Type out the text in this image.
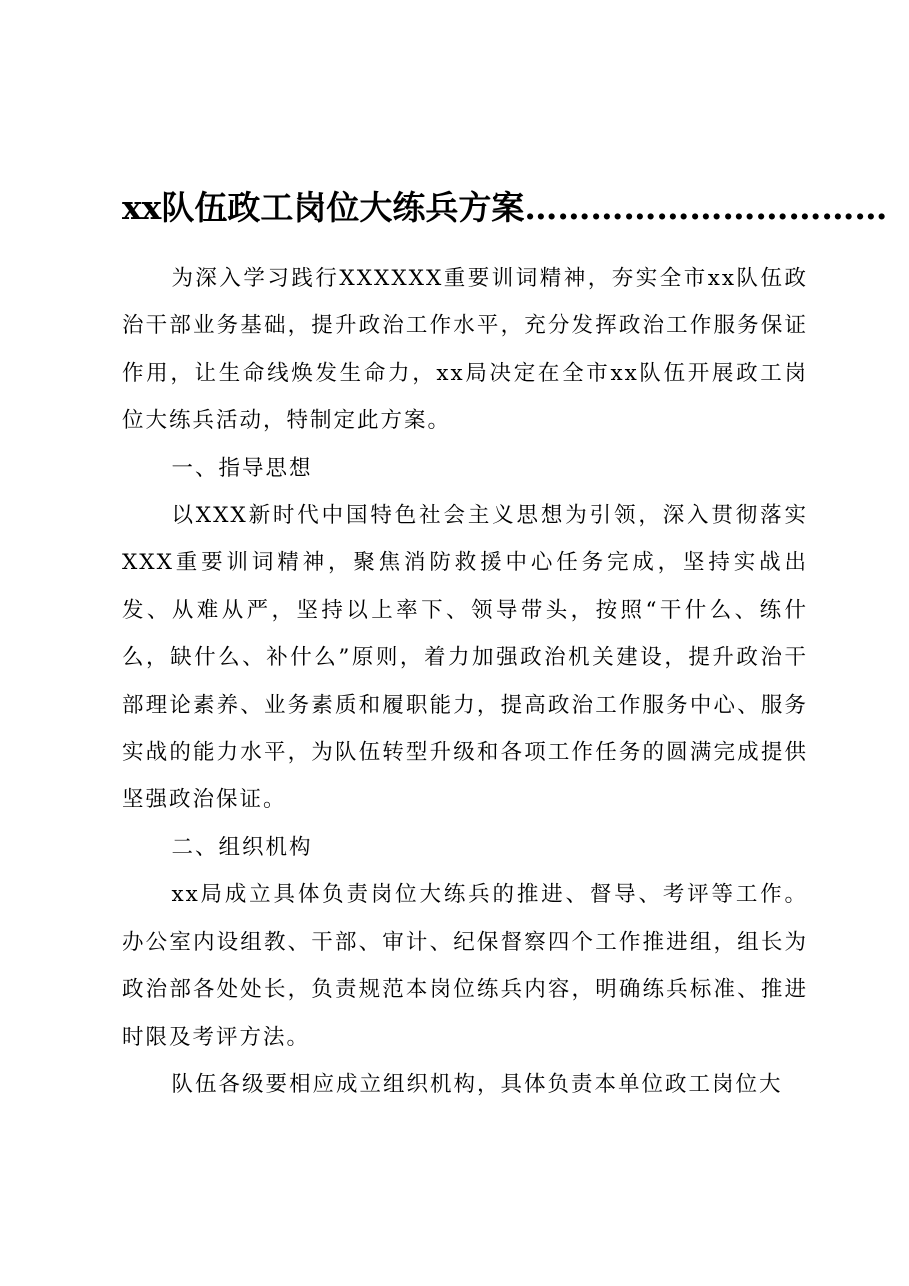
xx队伍政工岗位大练兵方案……………………………

为深入学习践行XXXXXX重要训词精神，夯实全市xx队伍政治干部业务基础，提升政治工作水平，充分发挥政治工作服务保证作用，让生命线焕发生命力，xx局决定在全市xx队伍开展政工岗位大练兵活动，特制定此方案。

一、指导思想

以XXX新时代中国特色社会主义思想为引领，深入贯彻落实XXX重要训词精神，聚焦消防救援中心任务完成，坚持实战出发、从难从严，坚持以上率下、领导带头，按照“干什么、练什么，缺什么、补什么”原则，着力加强政治机关建设，提升政治干部理论素养、业务素质和履职能力，提高政治工作服务中心、服务实战的能力水平，为队伍转型升级和各项工作任务的圆满完成提供坚强政治保证。

二、组织机构

xx局成立具体负责岗位大练兵的推进、督导、考评等工作。办公室内设组教、干部、审计、纪保督察四个工作推进组，组长为政治部各处处长，负责规范本岗位练兵内容，明确练兵标准、推进时限及考评方法。

队伍各级要相应成立组织机构，具体负责本单位政工岗位大
